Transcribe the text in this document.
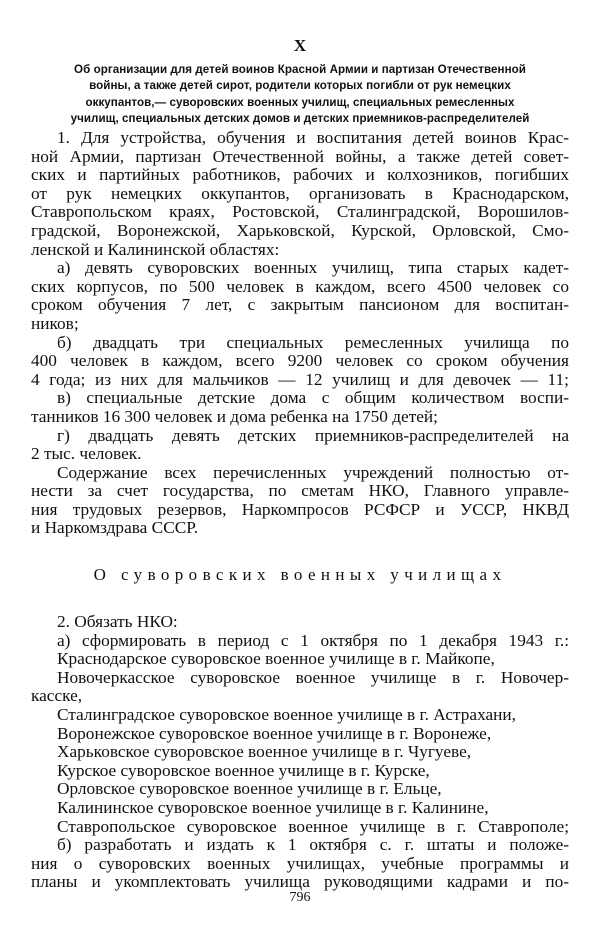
X
Об организации для детей воинов Красной Армии и партизан Отечественной
войны, а также детей сирот, родители которых погибли от рук немецких
оккупантов,— суворовских военных училищ, специальных ремесленных
училищ, специальных детских домов и детских приемников-распределителей
1. Для устройства, обучения и воспитания детей воинов Крас-
ной Армии, партизан Отечественной войны, а также детей совет-
ских и партийных работников, рабочих и колхозников, погибших
от рук немецких оккупантов, организовать в Краснодарском,
Ставропольском краях, Ростовской, Сталинградской, Ворошилов-
градской, Воронежской, Харьковской, Курской, Орловской, Смо-
ленской и Калининской областях:
а) девять суворовских военных училищ, типа старых кадет-
ских корпусов, по 500 человек в каждом, всего 4500 человек со
сроком обучения 7 лет, с закрытым пансионом для воспитан-
ников;
б) двадцать три специальных ремесленных училища по
400 человек в каждом, всего 9200 человек со сроком обучения
4 года; из них для мальчиков — 12 училищ и для девочек — 11;
в) специальные детские дома с общим количеством воспи-
танников 16 300 человек и дома ребенка на 1750 детей;
г) двадцать девять детских приемников-распределителей на
2 тыс. человек.
Содержание всех перечисленных учреждений полностью от-
нести за счет государства, по сметам НКО, Главного управле-
ния трудовых резервов, Наркомпросов РСФСР и УССР, НКВД
и Наркомздрава СССР.
О суворовских военных училищах
2. Обязать НКО:
а) сформировать в период с 1 октября по 1 декабря 1943 г.:
Краснодарское суворовское военное училище в г. Майкопе,
Новочеркасское суворовское военное училище в г. Новочер-
касске,
Сталинградское суворовское военное училище в г. Астрахани,
Воронежское суворовское военное училище в г. Воронеже,
Харьковское суворовское военное училище в г. Чугуеве,
Курское суворовское военное училище в г. Курске,
Орловское суворовское военное училище в г. Ельце,
Калининское суворовское военное училище в г. Калинине,
Ставропольское суворовское военное училище в г. Ставрополе;
б) разработать и издать к 1 октября с. г. штаты и положе-
ния о суворовских военных училищах, учебные программы и
планы и укомплектовать училища руководящими кадрами и по-
796
